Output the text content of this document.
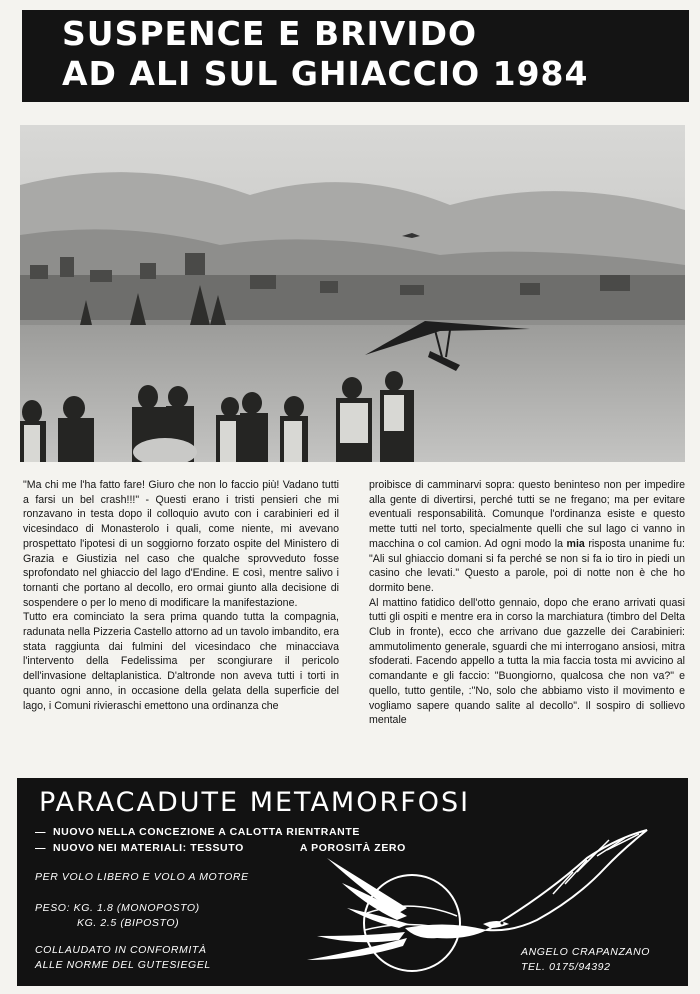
SUSPENCE E BRIVIDO
AD ALI SUL GHIACCIO 1984

"Ma chi me l'ha fatto fare! Giuro che non lo faccio più! Vadano tutti a farsi un bel crash!!!" - Questi erano i tristi pensieri che mi ronzavano in testa dopo il colloquio avuto con i carabinieri ed il vicesindaco di Monasterolo i quali, come niente, mi avevano prospettato l'ipotesi di un soggiorno forzato ospite del Ministero di Grazia e Giustizia nel caso che qualche sprovveduto fosse sprofondato nel ghiaccio del lago d'Endine. E così, mentre salivo i tornanti che portano al decollo, ero ormai giunto alla decisione di sospendere o per lo meno di modificare la manifestazione.

Tutto era cominciato la sera prima quando tutta la compagnia, radunata nella Pizzeria Castello attorno ad un tavolo imbandito, era stata raggiunta dai fulmini del vicesindaco che minacciava l'intervento della Fedelissima per scongiurare il pericolo dell'invasione deltaplanistica. D'altronde non aveva tutti i torti in quanto ogni anno, in occasione della gelata della superficie del lago, i Comuni rivieraschi emettono una ordinanza che

proibisce di camminarvi sopra: questo beninteso non per impedire alla gente di divertirsi, perché tutti se ne fregano; ma per evitare eventuali responsabilità. Comunque l'ordinanza esiste e questo mette tutti nel torto, specialmente quelli che sul lago ci vanno in macchina o col camion. Ad ogni modo la mia risposta unanime fu: "Ali sul ghiaccio domani si fa perché se non si fa io tiro in piedi un casino che levati." Questo a parole, poi di notte non è che ho dormito bene.

Al mattino fatidico dell'otto gennaio, dopo che erano arrivati quasi tutti gli ospiti e mentre era in corso la marchiatura (timbro del Delta Club in fronte), ecco che arrivano due gazzelle dei Carabinieri: ammutolimento generale, sguardi che mi interrogano ansiosi, mitra sfoderati. Facendo appello a tutta la mia faccia tosta mi avvicino al comandante e gli faccio: "Buongiorno, qualcosa che non va?" e quello, tutto gentile, :"No, solo che abbiamo visto il movimento e vogliamo sapere quando salite al decollo". Il sospiro di sollievo mentale

PARACADUTE METAMORFOSI
— NUOVO NELLA CONCEZIONE A CALOTTA RIENTRANTE
— NUOVO NEI MATERIALI: TESSUTO	A POROSITÀ ZERO
PER VOLO LIBERO E VOLO A MOTORE
PESO: KG. 1.8 (MONOPOSTO)
KG. 2.5 (BIPOSTO)
COLLAUDATO IN CONFORMITÀ
ALLE NORME DEL GUTESIEGEL
ANGELO CRAPANZANO
TEL. 0175/94392
